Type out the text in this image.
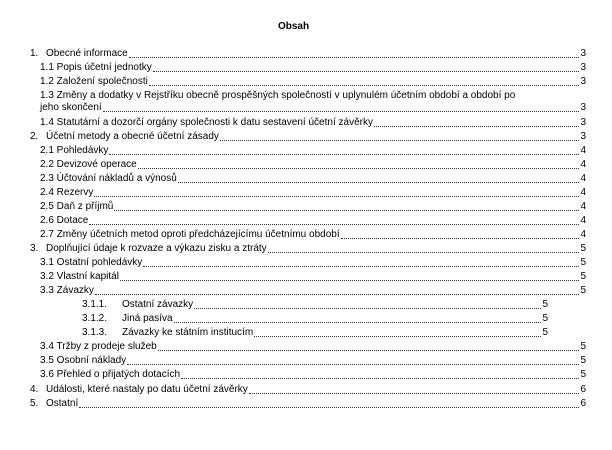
Obsah
1. Obecné informace	3
1.1 Popis účetní jednotky	3
1.2 Založení společnosti	3
1.3 Změny a dodatky v Rejstříku obecně prospěšných společností v uplynulém účetním období a období po
jeho skončení	3
1.4 Statutární a dozorčí orgány společnosti k datu sestavení účetní závěrky	3
2. Účetní metody a obecné účetní zásady	3
2.1 Pohledávky	4
2.2 Devizové operace	4
2.3 Účtování nákladů a výnosů	4
2.4 Rezervy	4
2.5 Daň z příjmů	4
2.6 Dotace	4
2.7 Změny účetních metod oproti předcházejícímu účetnímu období	4
3. Doplňující údaje k rozvaze a výkazu zisku a ztráty	5
3.1 Ostatní pohledávky	5
3.2 Vlastní kapitál	5
3.3 Závazky	5
3.1.1.	Ostatní závazky	5
3.1.2.	Jiná pasíva	5
3.1.3.	Závazky ke státním institucím	5
3.4 Tržby z prodeje služeb	5
3.5 Osobní náklady	5
3.6 Přehled o přijatých dotacích	5
4. Události, které nastaly po datu účetní závěrky	6
5. Ostatní	6
